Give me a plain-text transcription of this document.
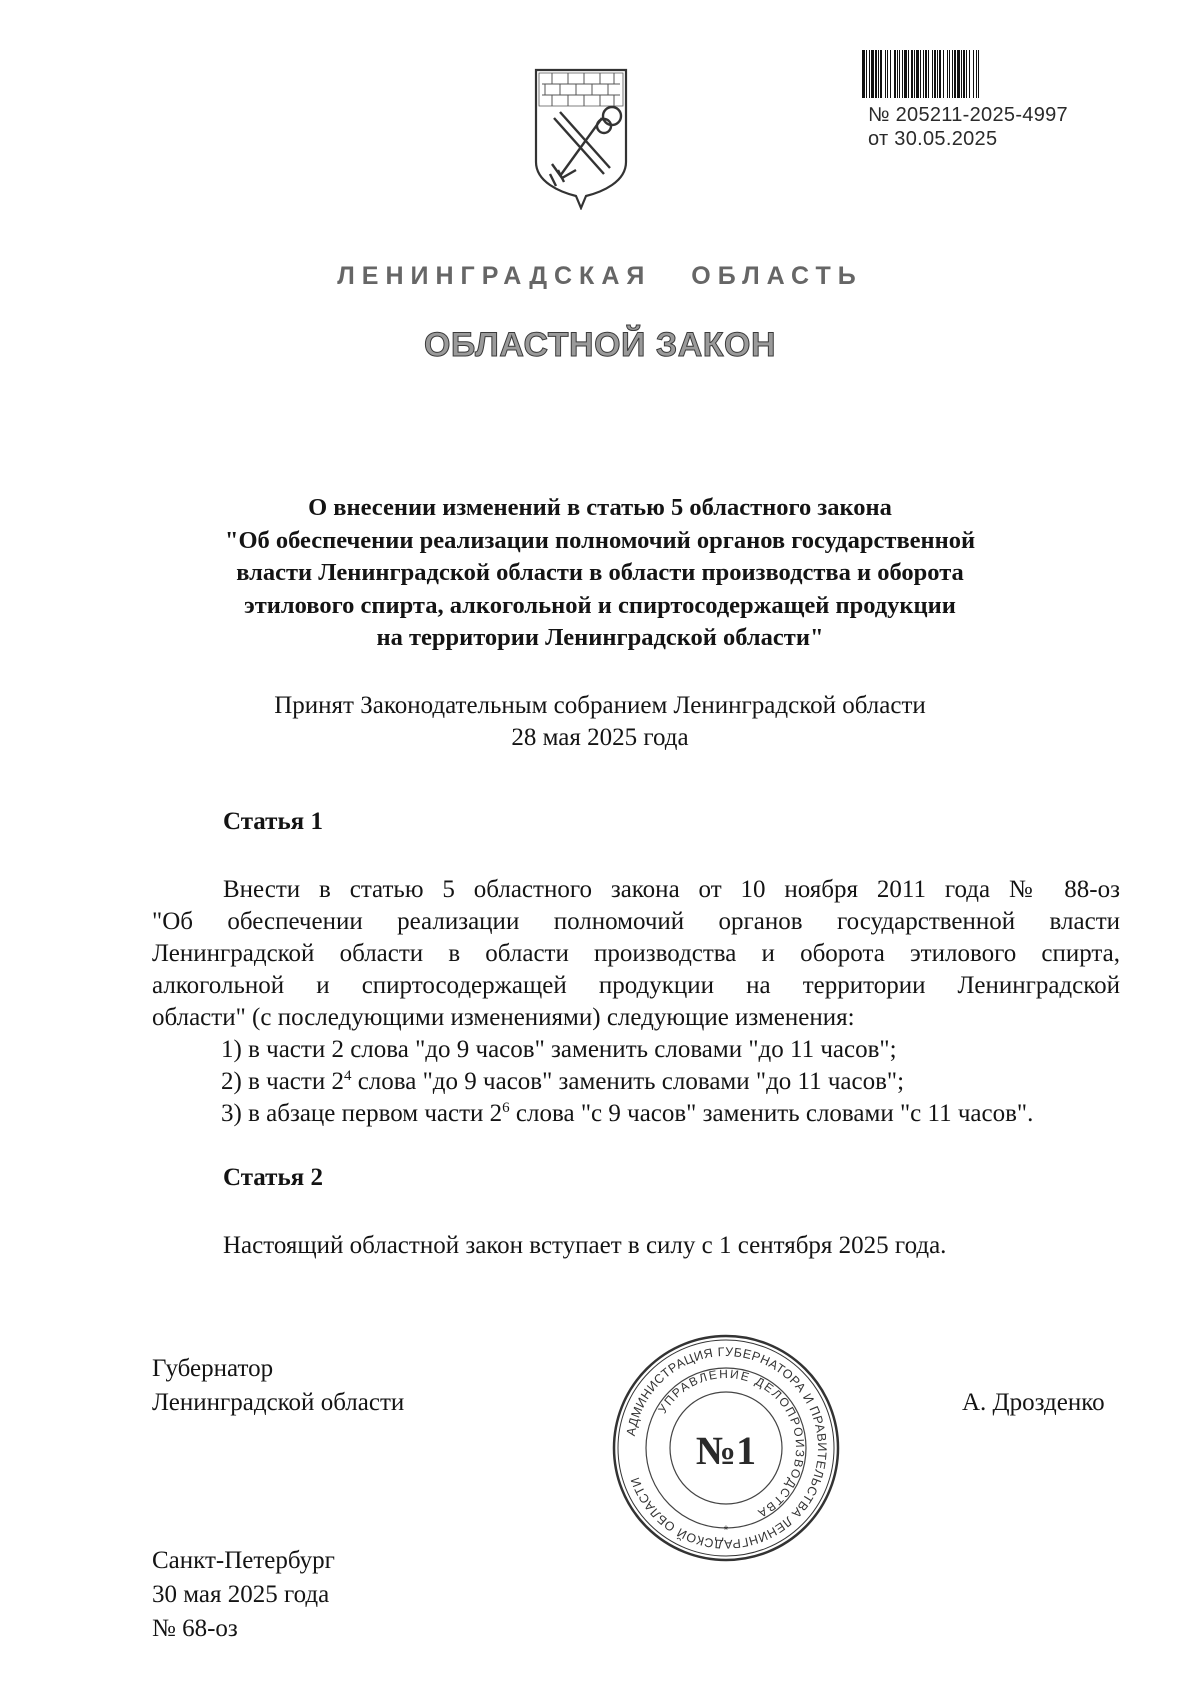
№ 205211-2025-4997
от 30.05.2025
ЛЕНИНГРАДСКАЯ ОБЛАСТЬ
ОБЛАСТНОЙ ЗАКОН
О внесении изменений в статью 5 областного закона
"Об обеспечении реализации полномочий органов государственной
власти Ленинградской области в области производства и оборота
этилового спирта, алкогольной и спиртосодержащей продукции
на территории Ленинградской области"
Принят Законодательным собранием Ленинградской области
28 мая 2025 года
Статья 1
Внести в статью 5 областного закона от 10 ноября 2011 года № 88-оз
"Об обеспечении реализации полномочий органов государственной власти
Ленинградской области в области производства и оборота этилового спирта,
алкогольной и спиртосодержащей продукции на территории Ленинградской
области" (с последующими изменениями) следующие изменения:
1) в части 2 слова "до 9 часов" заменить словами "до 11 часов";
2) в части $2^4$ слова "до 9 часов" заменить словами "до 11 часов";
3) в абзаце первом части $2^6$ слова "с 9 часов" заменить словами "с 11 часов".
Статья 2
Настоящий областной закон вступает в силу с 1 сентября 2025 года.
Губернатор
Ленинградской области	А. Дрозденко
АДМИНИСТРАЦИЯ ГУБЕРНАТОРА И ПРАВИТЕЛЬСТВА ЛЕНИНГРАДСКОЙ ОБЛАСТИ
УПРАВЛЕНИЕ ДЕЛОПРОИЗВОДСТВА
№1
*
Санкт-Петербург
30 мая 2025 года
№ 68-оз
